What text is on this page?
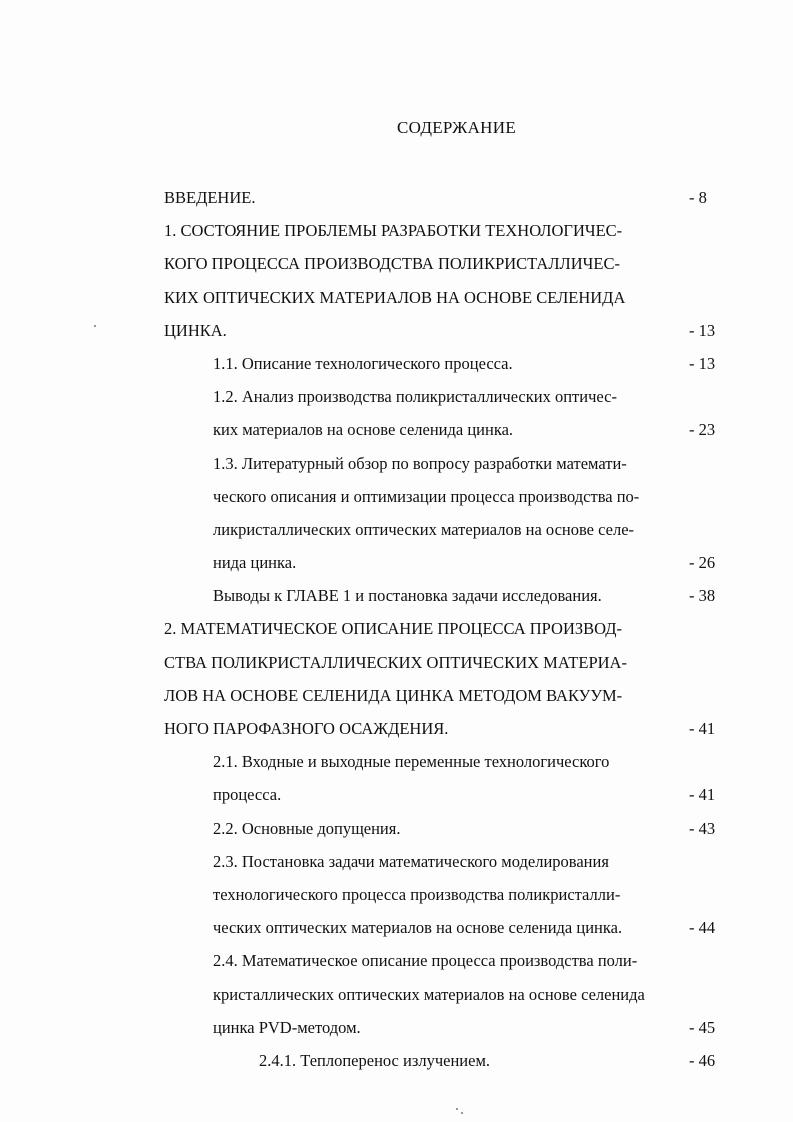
СОДЕРЖАНИЕ
ВВЕДЕНИЕ.	- 8
1. СОСТОЯНИЕ ПРОБЛЕМЫ РАЗРАБОТКИ ТЕХНОЛОГИЧЕС-
КОГО ПРОЦЕССА ПРОИЗВОДСТВА ПОЛИКРИСТАЛЛИЧЕС-
КИХ ОПТИЧЕСКИХ МАТЕРИАЛОВ НА ОСНОВЕ СЕЛЕНИДА
ЦИНКА.	- 13
1.1. Описание технологического процесса.	- 13
1.2. Анализ производства поликристаллических оптичес-
ких материалов на основе селенида цинка.	- 23
1.3. Литературный обзор по вопросу разработки математи-
ческого описания и оптимизации процесса производства по-
ликристаллических оптических материалов на основе селе-
нида цинка.	- 26
Выводы к ГЛАВЕ 1 и постановка задачи исследования.	- 38
2. МАТЕМАТИЧЕСКОЕ ОПИСАНИЕ ПРОЦЕССА ПРОИЗВОД-
СТВА ПОЛИКРИСТАЛЛИЧЕСКИХ ОПТИЧЕСКИХ МАТЕРИА-
ЛОВ НА ОСНОВЕ СЕЛЕНИДА ЦИНКА МЕТОДОМ ВАКУУМ-
НОГО ПАРОФАЗНОГО ОСАЖДЕНИЯ.	- 41
2.1. Входные и выходные переменные технологического
процесса.	- 41
2.2. Основные допущения.	- 43
2.3. Постановка задачи математического моделирования
технологического процесса производства поликристалли-
ческих оптических материалов на основе селенида цинка.	- 44
2.4. Математическое описание процесса производства поли-
кристаллических оптических материалов на основе селенида
цинка PVD-методом.	- 45
2.4.1. Теплоперенос излучением.	- 46
